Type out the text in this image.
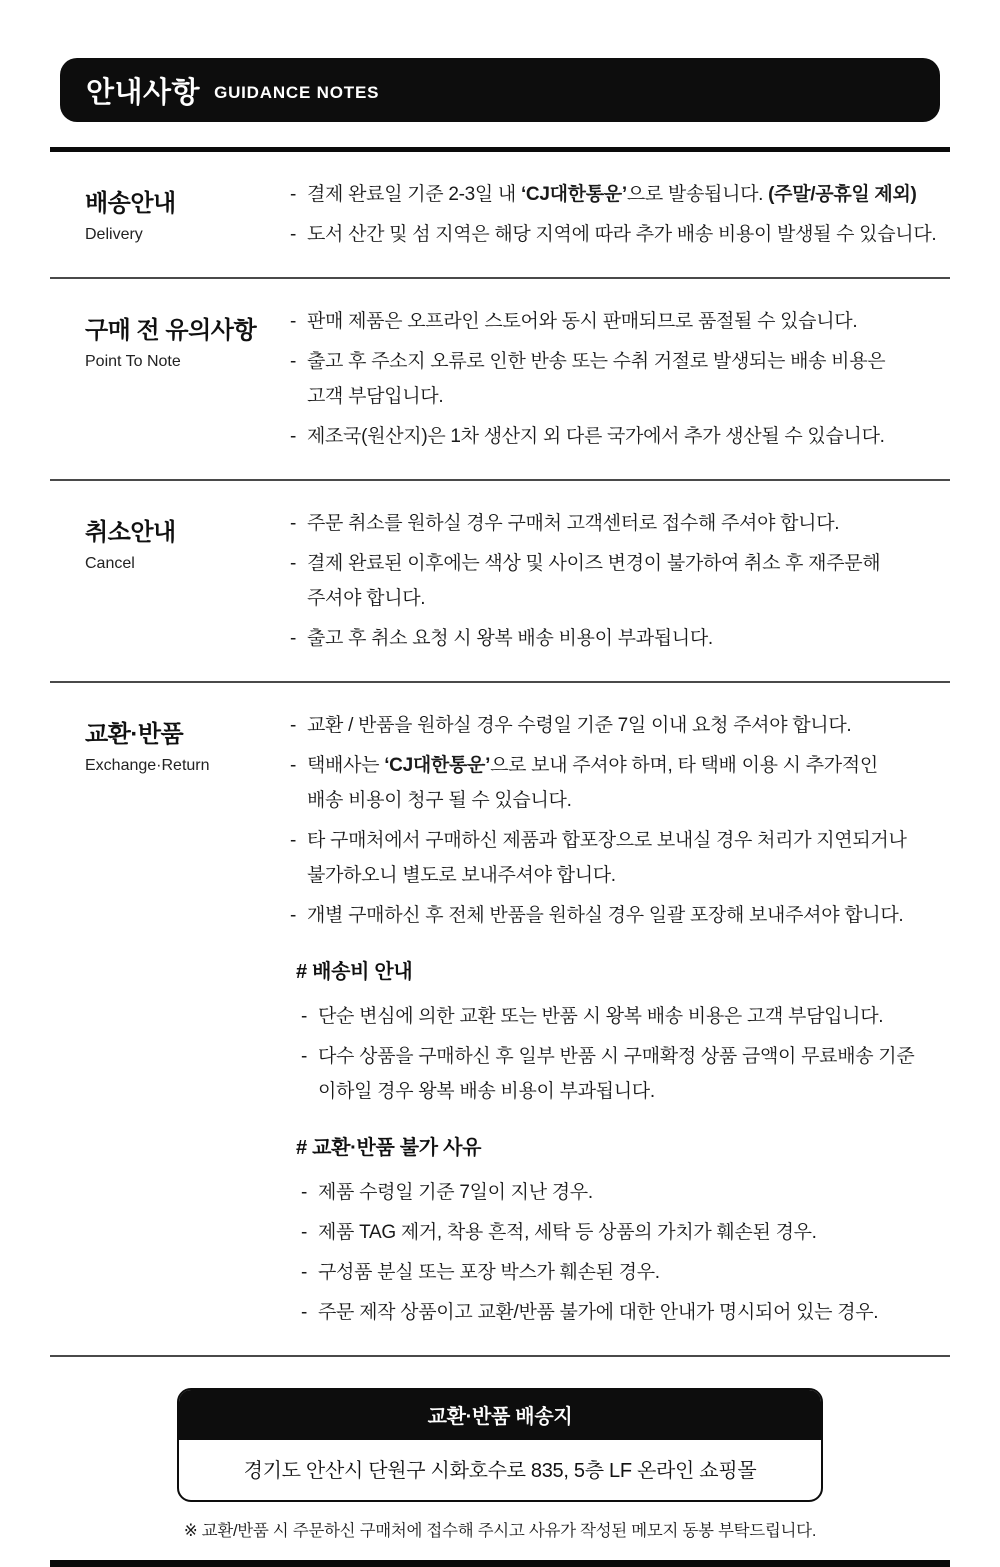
안내사항 GUIDANCE NOTES
배송안내
Delivery
- 결제 완료일 기준 2-3일 내 ‘CJ대한통운’으로 발송됩니다. (주말/공휴일 제외)
- 도서 산간 및 섬 지역은 해당 지역에 따라 추가 배송 비용이 발생될 수 있습니다.
구매 전 유의사항
Point To Note
- 판매 제품은 오프라인 스토어와 동시 판매되므로 품절될 수 있습니다.
- 출고 후 주소지 오류로 인한 반송 또는 수취 거절로 발생되는 배송 비용은
고객 부담입니다.
- 제조국(원산지)은 1차 생산지 외 다른 국가에서 추가 생산될 수 있습니다.
취소안내
Cancel
- 주문 취소를 원하실 경우 구매처 고객센터로 접수해 주셔야 합니다.
- 결제 완료된 이후에는 색상 및 사이즈 변경이 불가하여 취소 후 재주문해
주셔야 합니다.
- 출고 후 취소 요청 시 왕복 배송 비용이 부과됩니다.
교환·반품
Exchange·Return
- 교환 / 반품을 원하실 경우 수령일 기준 7일 이내 요청 주셔야 합니다.
- 택배사는 ‘CJ대한통운’으로 보내 주셔야 하며, 타 택배 이용 시 추가적인
배송 비용이 청구 될 수 있습니다.
- 타 구매처에서 구매하신 제품과 합포장으로 보내실 경우 처리가 지연되거나
불가하오니 별도로 보내주셔야 합니다.
- 개별 구매하신 후 전체 반품을 원하실 경우 일괄 포장해 보내주셔야 합니다.
# 배송비 안내
- 단순 변심에 의한 교환 또는 반품 시 왕복 배송 비용은 고객 부담입니다.
- 다수 상품을 구매하신 후 일부 반품 시 구매확정 상품 금액이 무료배송 기준
이하일 경우 왕복 배송 비용이 부과됩니다.
# 교환·반품 불가 사유
- 제품 수령일 기준 7일이 지난 경우.
- 제품 TAG 제거, 착용 흔적, 세탁 등 상품의 가치가 훼손된 경우.
- 구성품 분실 또는 포장 박스가 훼손된 경우.
- 주문 제작 상품이고 교환/반품 불가에 대한 안내가 명시되어 있는 경우.
교환·반품 배송지
경기도 안산시 단원구 시화호수로 835, 5층 LF 온라인 쇼핑몰
※ 교환/반품 시 주문하신 구매처에 접수해 주시고 사유가 작성된 메모지 동봉 부탁드립니다.
